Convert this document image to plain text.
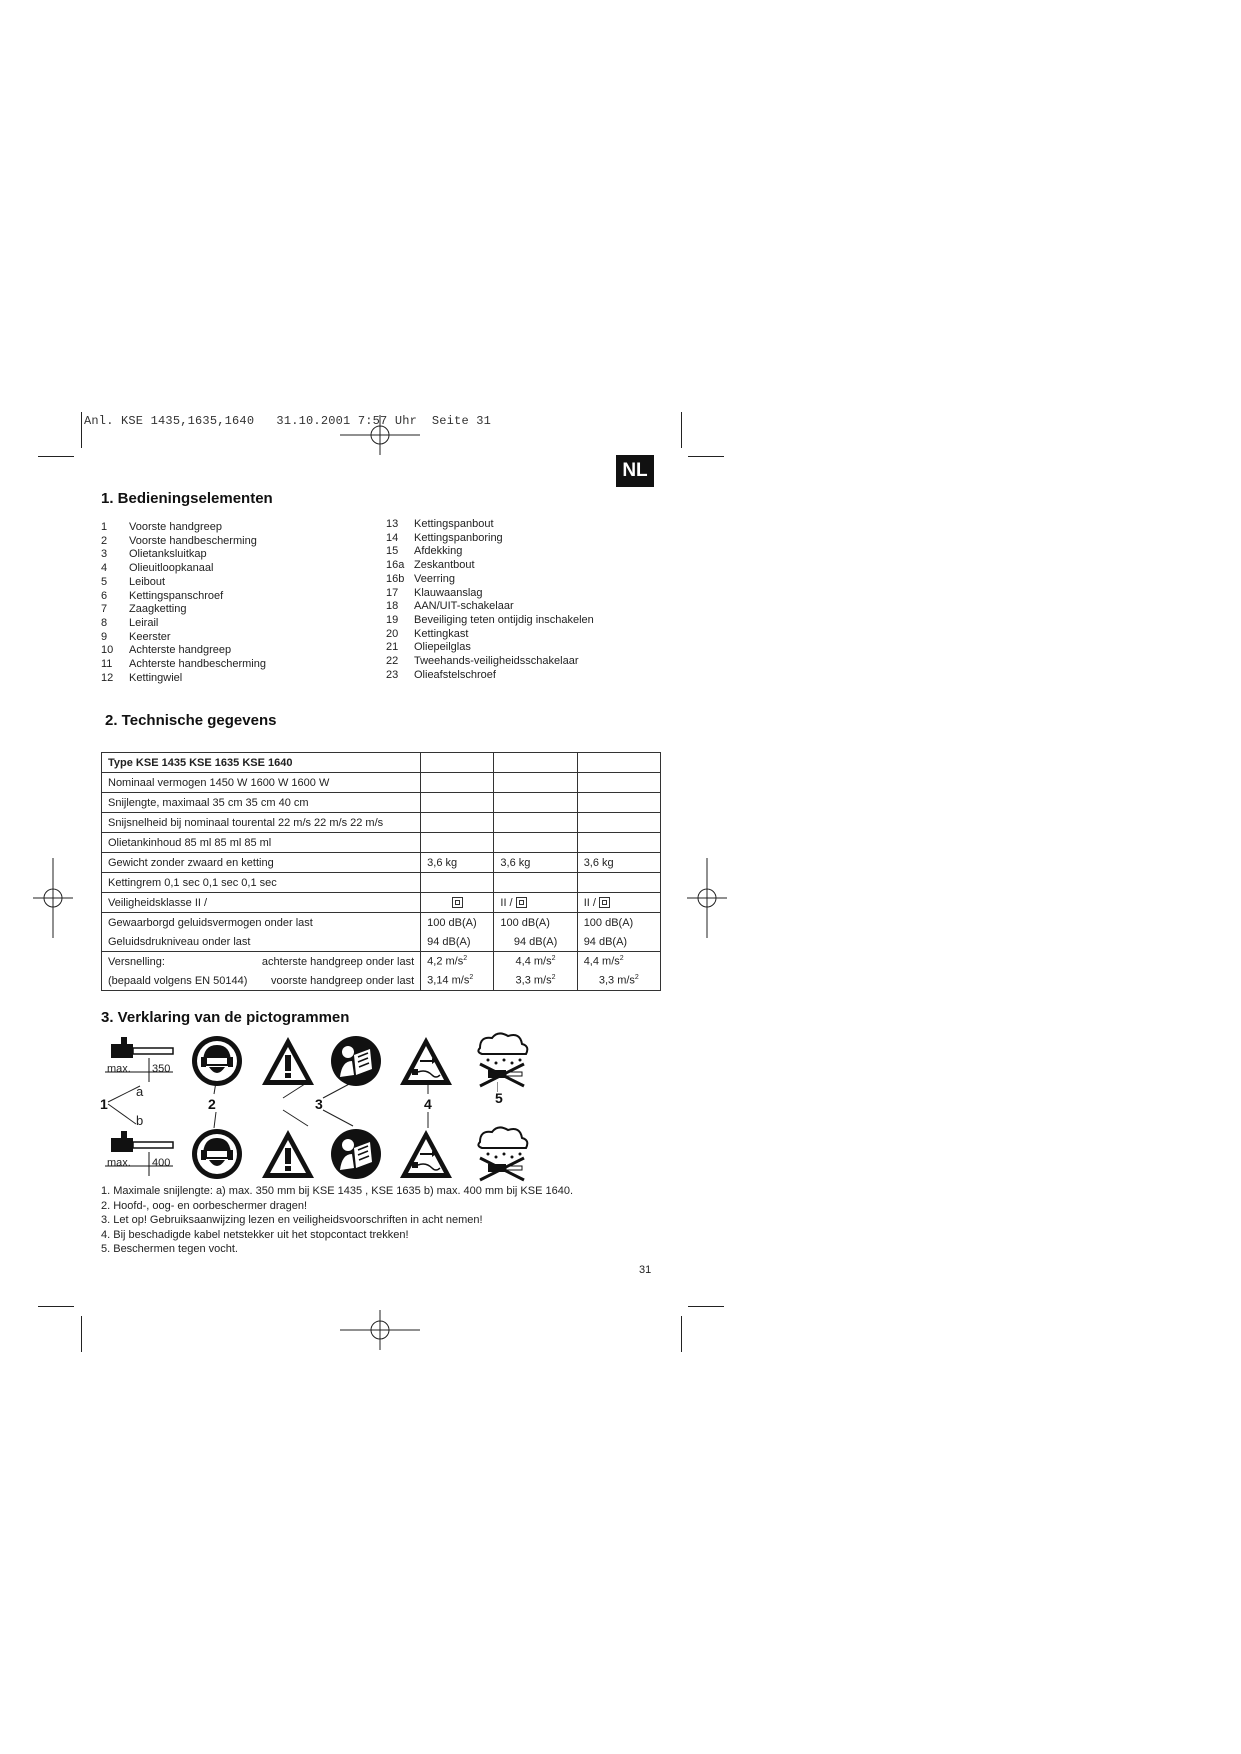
Anl. KSE 1435,1635,1640   31.10.2001 7:57 Uhr  Seite 31
NL
1. Bedieningselementen
1	Voorste handgreep
2	Voorste handbescherming
3	Olietanksluitkap
4	Olieuitloopkanaal
5	Leibout
6	Kettingspanschroef
7	Zaagketting
8	Leirail
9	Keerster
10	Achterste handgreep
11	Achterste handbescherming
12	Kettingwiel
13	Kettingspanbout
14	Kettingspanboring
15	Afdekking
16a Zeskantbout
16b Veerring
17	Klauwaanslag
18	AAN/UIT-schakelaar
19	Beveiliging teten ontijdig inschakelen
20	Kettingkast
21	Oliepeilglas
22	Tweehands-veiligheidsschakelaar
23	Olieafstelschroef
2. Technische gegevens
Type KSE 1435 KSE 1635 KSE 1640			
Nominaal vermogen 1450 W 1600 W 1600 W			
Snijlengte, maximaal 35 cm 35 cm 40 cm			
Snijsnelheid bij nominaal tourental 22 m/s 22 m/s 22 m/s			
Olietankinhoud 85 ml 85 ml 85 ml			
Gewicht zonder zwaard en ketting	3,6 kg	3,6 kg	3,6 kg
Kettingrem 0,1 sec 0,1 sec 0,1 sec			
Veiligheidsklasse II /		II /	II /
Gewaarborgd geluidsvermogen onder last	100 dB(A)	100 dB(A)	100 dB(A)
Geluidsdrukniveau onder last	94 dB(A)	94 dB(A)	94 dB(A)

Versnelling: achterste handgreep onder last	4,2 $m/s^2$	4,4 $m/s^2$	4,4 $m/s^2$

(bepaald volgens EN 50144) voorste handgreep onder last	3,14 $m/s^2$	3,3 $m/s^2$	3,3 $m/s^2$
3. Verklaring van de pictogrammen
max. 350
max. 400
1
a
b
2	3	4	5
1. Maximale snijlengte: a) max. 350 mm bij KSE 1435 , KSE 1635 b) max. 400 mm bij KSE 1640.
2. Hoofd-, oog- en oorbeschermer dragen!
3. Let op! Gebruiksaanwijzing lezen en veiligheidsvoorschriften in acht nemen!
4. Bij beschadigde kabel netstekker uit het stopcontact trekken!
5. Beschermen tegen vocht.
31
